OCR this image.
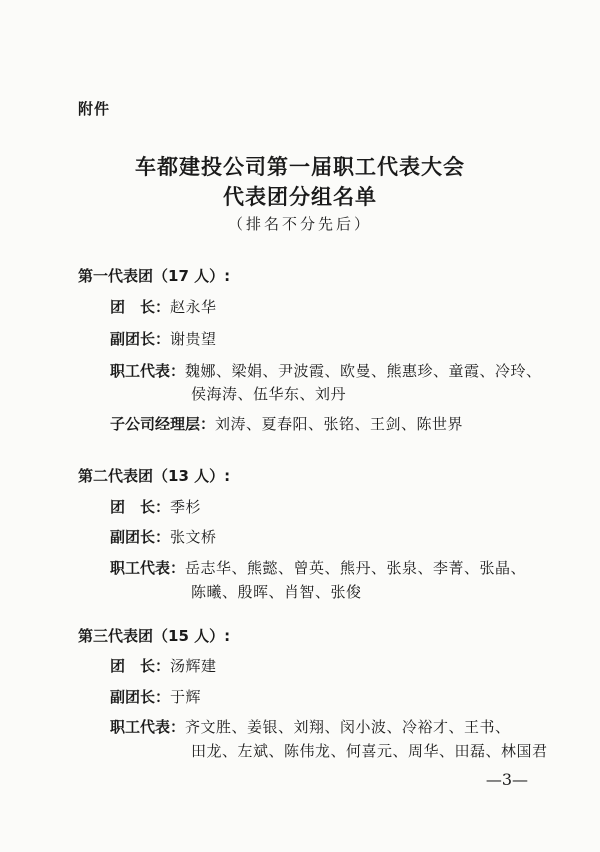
附件
车都建投公司第一届职工代表大会
代表团分组名单
（排名不分先后）
第一代表团（17 人）:
团　长： 赵永华
副团长： 谢贵望
职工代表： 魏娜、梁娟、尹波霞、欧曼、熊惠珍、童霞、冷玲、
侯海涛、伍华东、刘丹
子公司经理层： 刘涛、夏春阳、张铭、王剑、陈世界
第二代表团（13 人）:
团　长： 季杉
副团长： 张文桥
职工代表： 岳志华、熊懿、曾英、熊丹、张泉、李菁、张晶、
陈曦、殷晖、肖智、张俊
第三代表团（15 人）:
团　长： 汤辉建
副团长： 于辉
职工代表： 齐文胜、姜银、刘翔、闵小波、冷裕才、王书、
田龙、左斌、陈伟龙、何喜元、周华、田磊、林国君
—3—
